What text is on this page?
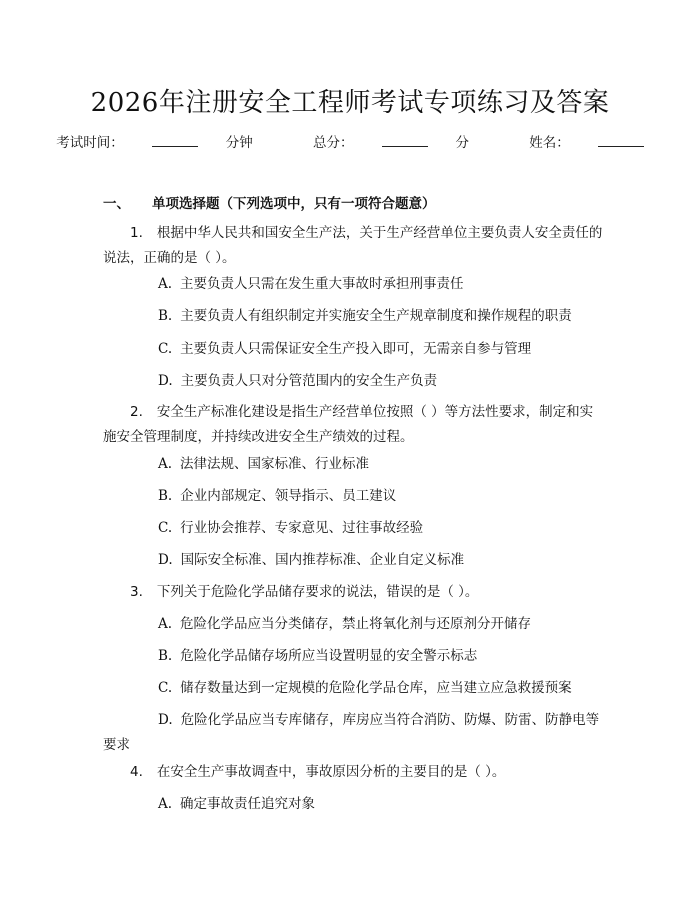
2026年注册安全工程师考试专项练习及答案
考试时间：	分钟	总分：	分	姓名：
一、 单项选择题（下列选项中，只有一项符合题意）
1. 根据中华人民共和国安全生产法，关于生产经营单位主要负责人安全责任的说法，正确的是（ ）。
A. 主要负责人只需在发生重大事故时承担刑事责任
B. 主要负责人有组织制定并实施安全生产规章制度和操作规程的职责
C. 主要负责人只需保证安全生产投入即可，无需亲自参与管理
D. 主要负责人只对分管范围内的安全生产负责
2. 安全生产标准化建设是指生产经营单位按照（ ）等方法性要求，制定和实施安全管理制度，并持续改进安全生产绩效的过程。
A. 法律法规、国家标准、行业标准
B. 企业内部规定、领导指示、员工建议
C. 行业协会推荐、专家意见、过往事故经验
D. 国际安全标准、国内推荐标准、企业自定义标准
3. 下列关于危险化学品储存要求的说法，错误的是（ ）。
A. 危险化学品应当分类储存，禁止将氧化剂与还原剂分开储存
B. 危险化学品储存场所应当设置明显的安全警示标志
C. 储存数量达到一定规模的危险化学品仓库，应当建立应急救援预案
D. 危险化学品应当专库储存，库房应当符合消防、防爆、防雷、防静电等要求
4. 在安全生产事故调查中，事故原因分析的主要目的是（ ）。
A. 确定事故责任追究对象
